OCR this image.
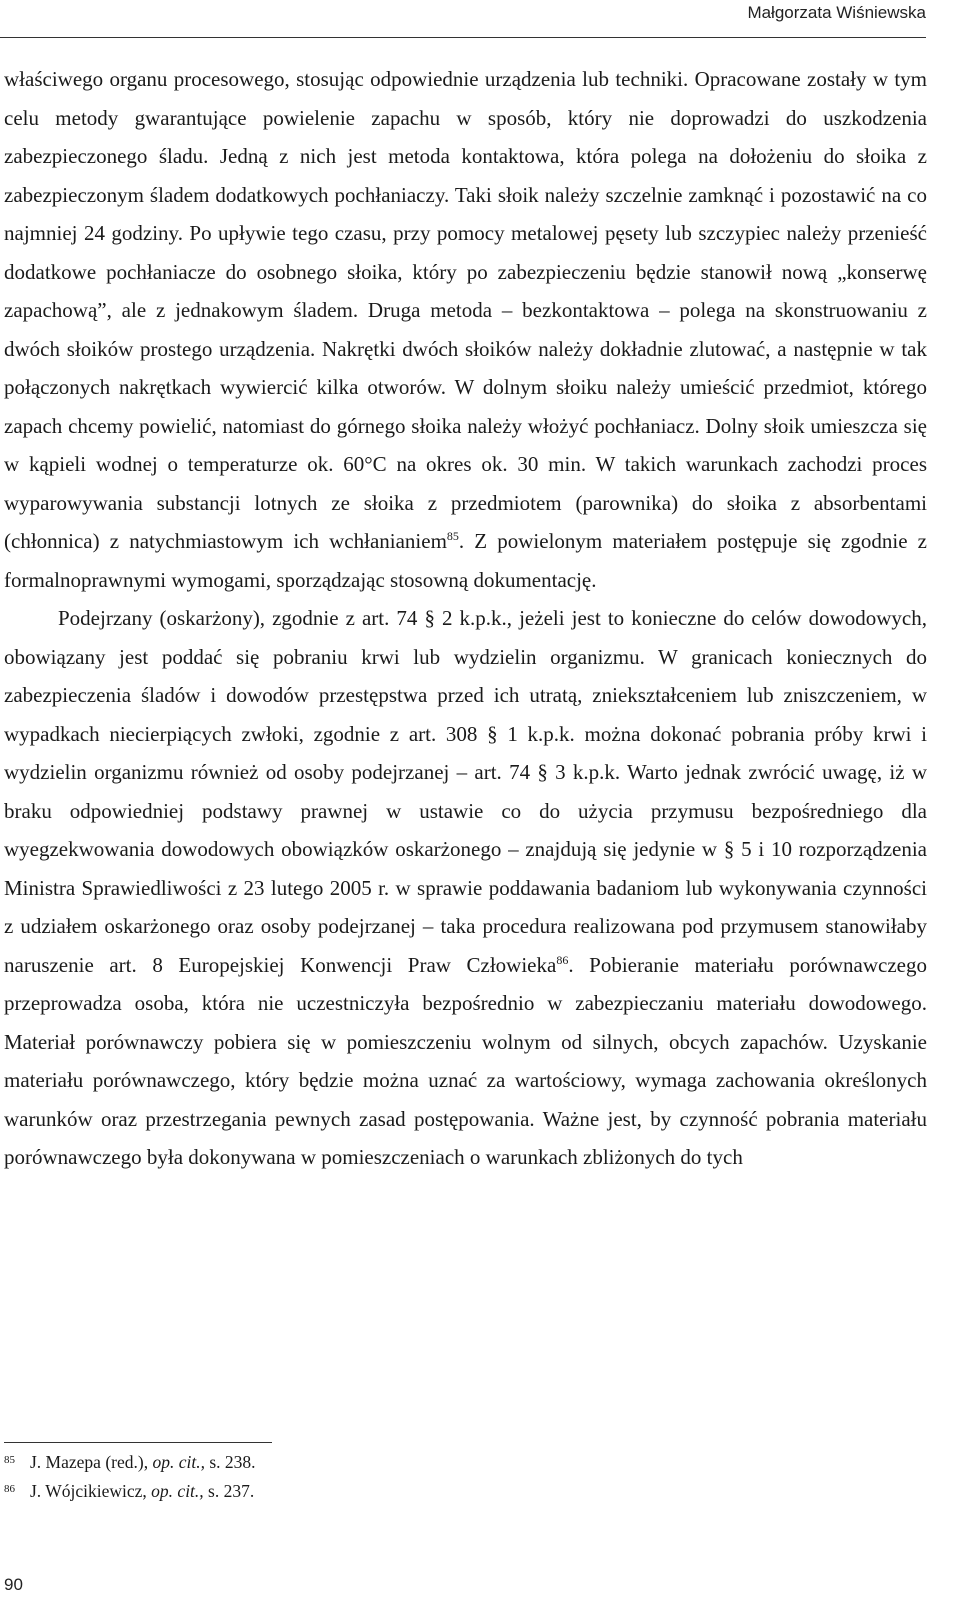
Małgorzata Wiśniewska

właściwego organu procesowego, stosując odpowiednie urządzenia lub techniki. Opracowane zostały w tym celu metody gwarantujące powielenie zapachu w sposób, który nie doprowadzi do uszkodzenia zabezpieczonego śladu. Jedną z nich jest metoda kontaktowa, która polega na dołożeniu do słoika z zabezpieczonym śladem dodatkowych pochłaniaczy. Taki słoik należy szczelnie zamknąć i pozostawić na co najmniej 24 godziny. Po upływie tego czasu, przy pomocy metalowej pęsety lub szczypiec należy przenieść dodatkowe pochłaniacze do osobnego słoika, który po zabezpieczeniu będzie stanowił nową „konserwę zapachową”, ale z jednakowym śladem. Druga metoda – bezkontaktowa – polega na skonstruowaniu z dwóch słoików prostego urządzenia. Nakrętki dwóch słoików należy dokładnie zlutować, a następnie w tak połączonych nakrętkach wywiercić kilka otworów. W dolnym słoiku należy umieścić przedmiot, którego zapach chcemy powielić, natomiast do górnego słoika należy włożyć pochłaniacz. Dolny słoik umieszcza się w kąpieli wodnej o temperaturze ok. 60°C na okres ok. 30 min. W takich warunkach zachodzi proces wyparowywania substancji lotnych ze słoika z przedmiotem (parownika) do słoika z absorbentami (chłonnica) z natychmiastowym ich wchłanianiem$^{85}$. Z powielonym materiałem postępuje się zgodnie z formalnoprawnymi wymogami, sporządzając stosowną dokumentację.

Podejrzany (oskarżony), zgodnie z art. 74 § 2 k.p.k., jeżeli jest to konieczne do celów dowodowych, obowiązany jest poddać się pobraniu krwi lub wydzielin organizmu. W granicach koniecznych do zabezpieczenia śladów i dowodów przestępstwa przed ich utratą, zniekształceniem lub zniszczeniem, w wypadkach niecierpiących zwłoki, zgodnie z art. 308 § 1 k.p.k. można dokonać pobrania próby krwi i wydzielin organizmu również od osoby podejrzanej – art. 74 § 3 k.p.k. Warto jednak zwrócić uwagę, iż w braku odpowiedniej podstawy prawnej w ustawie co do użycia przymusu bezpośredniego dla wyegzekwowania dowodowych obowiązków oskarżonego – znajdują się jedynie w § 5 i 10 rozporządzenia Ministra Sprawiedliwości z 23 lutego 2005 r. w sprawie poddawania badaniom lub wykonywania czynności z udziałem oskarżonego oraz osoby podejrzanej – taka procedura realizowana pod przymusem stanowiłaby naruszenie art. 8 Europejskiej Konwencji Praw Człowieka$^{86}$. Pobieranie materiału porównawczego przeprowadza osoba, która nie uczestniczyła bezpośrednio w zabezpieczaniu materiału dowodowego. Materiał porównawczy pobiera się w pomieszczeniu wolnym od silnych, obcych zapachów. Uzyskanie materiału porównawczego, który będzie można uznać za wartościowy, wymaga zachowania określonych warunków oraz przestrzegania pewnych zasad postępowania. Ważne jest, by czynność pobrania materiału porównawczego była dokonywana w pomieszczeniach o warunkach zbliżonych do tych

85 J. Mazepa (red.), op. cit., s. 238.
86 J. Wójcikiewicz, op. cit., s. 237.
90
